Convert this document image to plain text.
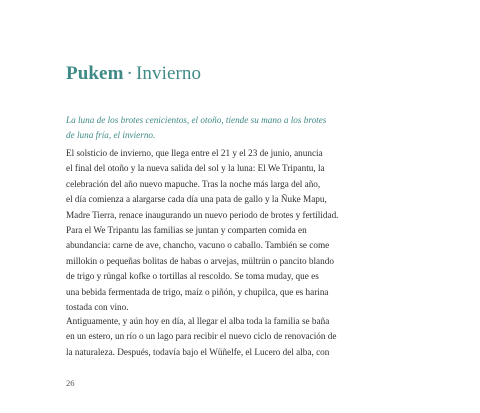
Pukem · Invierno
La luna de los brotes cenicientos, el otoño, tiende su mano a los brotes
de luna fría, el invierno.
El solsticio de invierno, que llega entre el 21 y el 23 de junio, anuncia
el final del otoño y la nueva salida del sol y la luna: El We Tripantu, la
celebración del año nuevo mapuche. Tras la noche más larga del año,
el día comienza a alargarse cada día una pata de gallo y la Ñuke Mapu,
Madre Tierra, renace inaugurando un nuevo periodo de brotes y fertilidad.
Para el We Tripantu las familias se juntan y comparten comida en
abundancia: carne de ave, chancho, vacuno o caballo. También se come
millokin o pequeñas bolitas de habas o arvejas, mültrün o pancito blando
de trigo y rüngal kofke o tortillas al rescoldo. Se toma muday, que es
una bebida fermentada de trigo, maíz o piñón, y chupilca, que es harina
tostada con vino.
Antiguamente, y aún hoy en día, al llegar el alba toda la familia se baña
en un estero, un río o un lago para recibir el nuevo ciclo de renovación de
la naturaleza. Después, todavía bajo el Wüñelfe, el Lucero del alba, con
26
